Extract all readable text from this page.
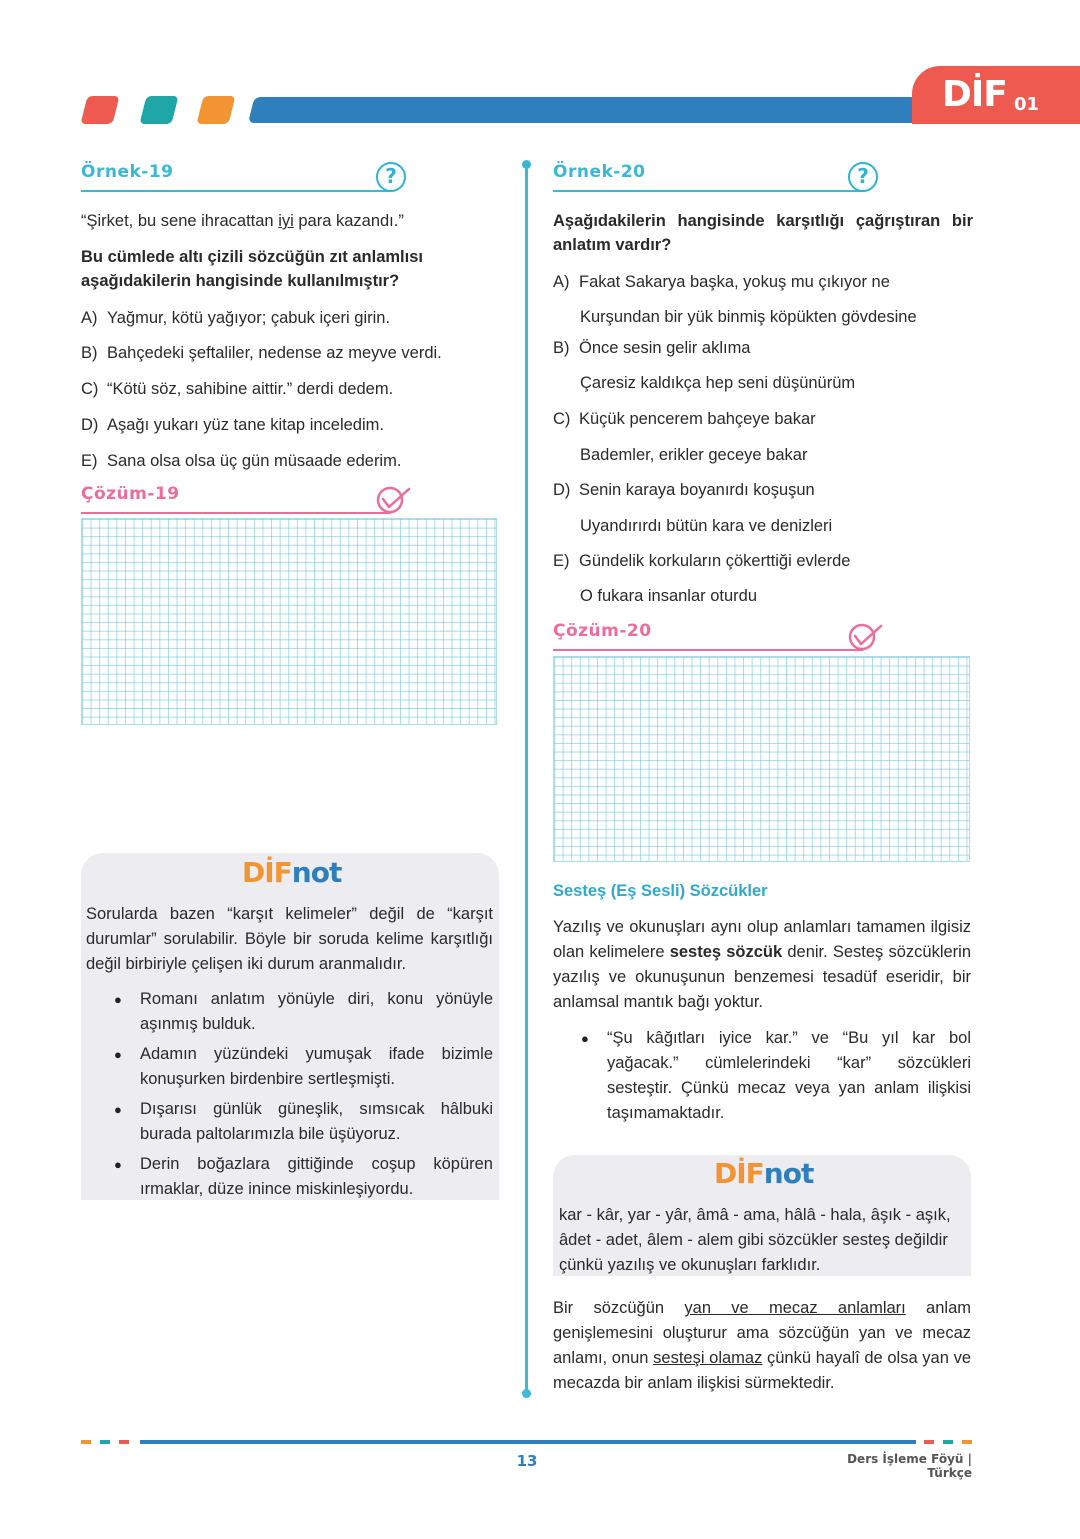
DİF 01
Örnek-19	?
“Şirket, bu sene ihracattan iyi para kazandı.”
Bu cümlede altı çizili sözcüğün zıt anlamlısı aşağıdakilerin hangisinde kullanılmıştır?
A) Yağmur, kötü yağıyor; çabuk içeri girin.
B) Bahçedeki şeftaliler, nedense az meyve verdi.
C) “Kötü söz, sahibine aittir.” derdi dedem.
D) Aşağı yukarı yüz tane kitap inceledim.
E) Sana olsa olsa üç gün müsaade ederim.
Çözüm-19
DİFnot
Sorularda bazen “karşıt kelimeler” değil de “karşıt durumlar” sorulabilir. Böyle bir soruda kelime karşıtlığı değil birbiriyle çelişen iki durum aranmalıdır.
● Romanı anlatım yönüyle diri, konu yönüyle aşınmış bulduk.
● Adamın yüzündeki yumuşak ifade bizimle konuşurken birdenbire sertleşmişti.
● Dışarısı günlük güneşlik, sımsıcak hâlbuki burada paltolarımızla bile üşüyoruz.
● Derin boğazlara gittiğinde coşup köpüren ırmaklar, düze inince miskinleşiyordu.
Örnek-20	?
Aşağıdakilerin hangisinde karşıtlığı çağrıştıran bir anlatım vardır?
A) Fakat Sakarya başka, yokuş mu çıkıyor ne
Kurşundan bir yük binmiş köpükten gövdesine
B) Önce sesin gelir aklıma
Çaresiz kaldıkça hep seni düşünürüm
C) Küçük pencerem bahçeye bakar
Bademler, erikler geceye bakar
D) Senin karaya boyanırdı koşuşun
Uyandırırdı bütün kara ve denizleri
E) Gündelik korkuların çökerttiği evlerde
O fukara insanlar oturdu
Çözüm-20
Sesteş (Eş Sesli) Sözcükler
Yazılış ve okunuşları aynı olup anlamları tamamen ilgisiz olan kelimelere sesteş sözcük denir. Sesteş sözcüklerin yazılış ve okunuşunun benzemesi tesadüf eseridir, bir anlamsal mantık bağı yoktur.
● “Şu kâğıtları iyice kar.” ve “Bu yıl kar bol yağacak.” cümlelerindeki “kar” sözcükleri sesteştir. Çünkü mecaz veya yan anlam ilişkisi taşımamaktadır.
DİFnot
kar - kâr, yar - yâr, âmâ - ama, hâlâ - hala, âşık - aşık, âdet - adet, âlem - alem gibi sözcükler sesteş değildir çünkü yazılış ve okunuşları farklıdır.
Bir sözcüğün yan ve mecaz anlamları anlam genişlemesini oluşturur ama sözcüğün yan ve mecaz anlamı, onun sesteşi olamaz çünkü hayalî de olsa yan ve mecazda bir anlam ilişkisi sürmektedir.
13	Ders İşleme Föyü | Türkçe
